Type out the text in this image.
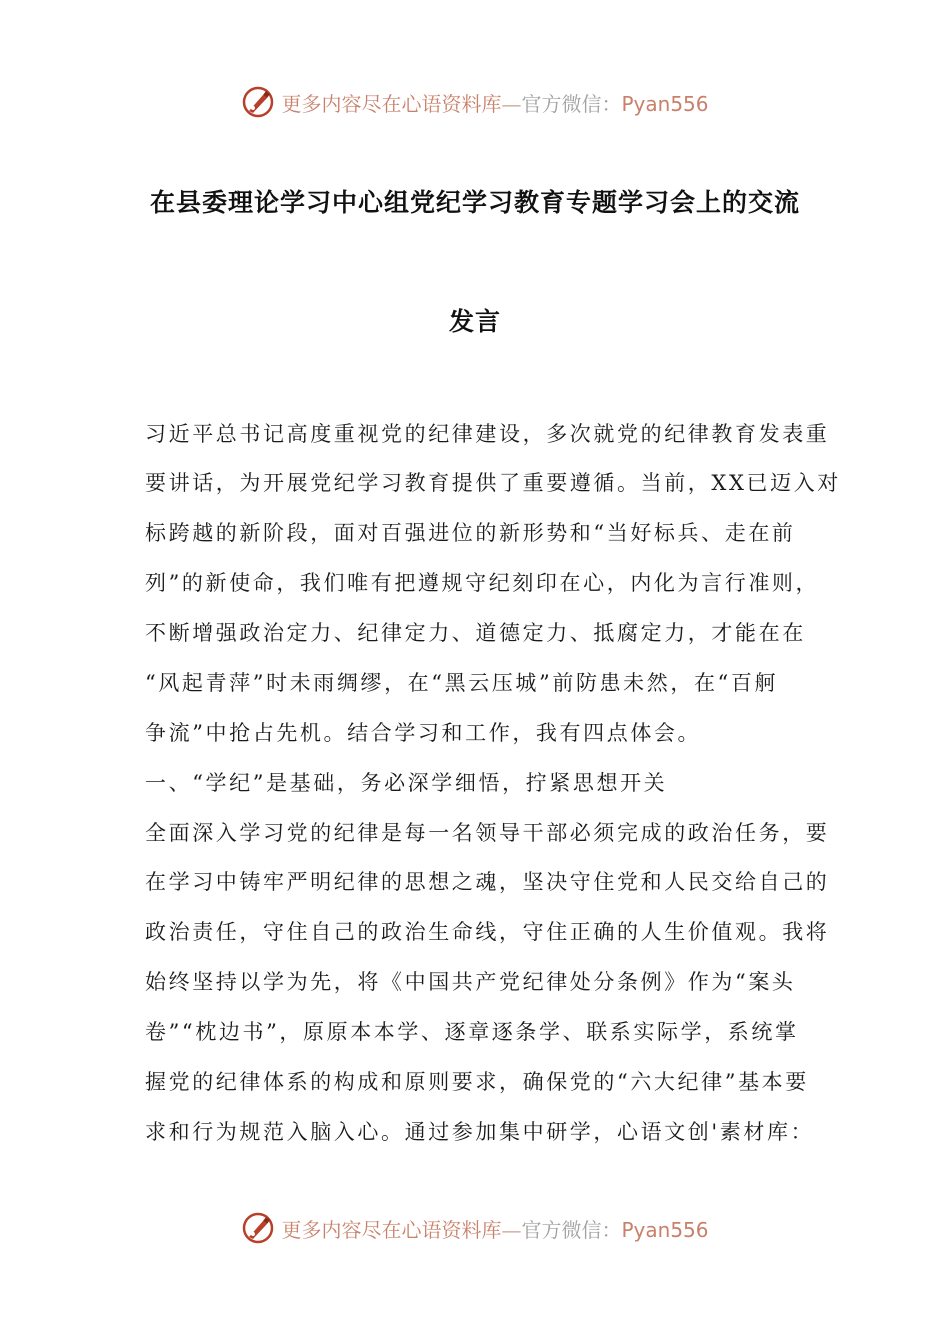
更多内容尽在心语资料库—官方微信：Pyan556
在县委理论学习中心组党纪学习教育专题学习会上的交流
发言
习近平总书记高度重视党的纪律建设，多次就党的纪律教育发表重
要讲话，为开展党纪学习教育提供了重要遵循。当前，XX已迈入对
标跨越的新阶段，面对百强进位的新形势和“当好标兵、走在前
列”的新使命，我们唯有把遵规守纪刻印在心，内化为言行准则，
不断增强政治定力、纪律定力、道德定力、抵腐定力，才能在在
“风起青萍”时未雨绸缪，在“黑云压城”前防患未然，在“百舸
争流”中抢占先机。结合学习和工作，我有四点体会。
一、“学纪”是基础，务必深学细悟，拧紧思想开关
全面深入学习党的纪律是每一名领导干部必须完成的政治任务，要
在学习中铸牢严明纪律的思想之魂，坚决守住党和人民交给自己的
政治责任，守住自己的政治生命线，守住正确的人生价值观。我将
始终坚持以学为先，将《中国共产党纪律处分条例》作为“案头
卷”“枕边书”，原原本本学、逐章逐条学、联系实际学，系统掌
握党的纪律体系的构成和原则要求，确保党的“六大纪律”基本要
求和行为规范入脑入心。通过参加集中研学，心语文创'素材库：
更多内容尽在心语资料库—官方微信：Pyan556
